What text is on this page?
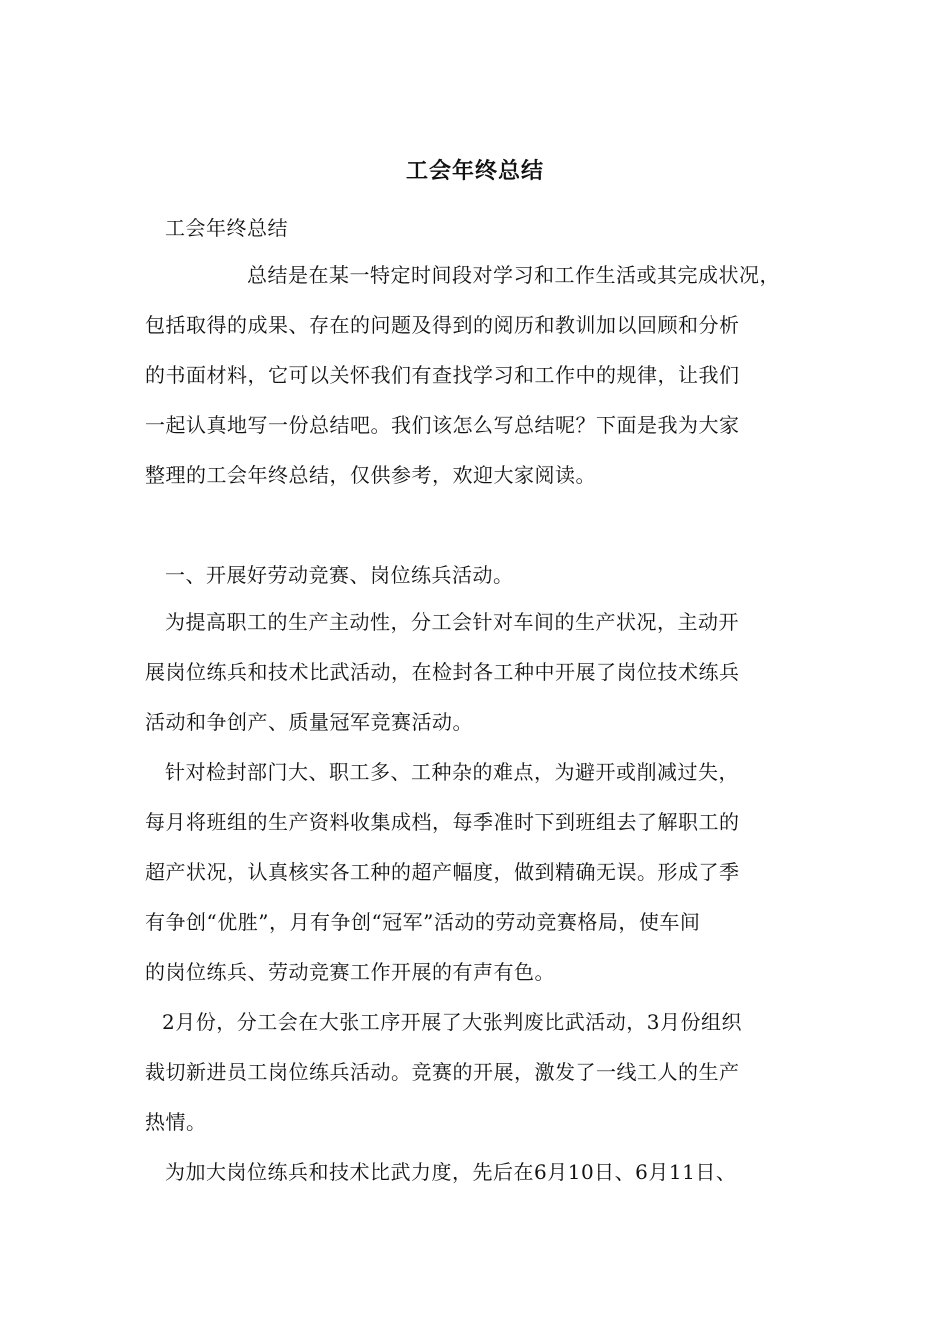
工会年终总结
工会年终总结
总结是在某一特定时间段对学习和工作生活或其完成状况，
包括取得的成果、存在的问题及得到的阅历和教训加以回顾和分析
的书面材料，它可以关怀我们有查找学习和工作中的规律，让我们
一起认真地写一份总结吧。我们该怎么写总结呢？下面是我为大家
整理的工会年终总结，仅供参考，欢迎大家阅读。
一、开展好劳动竞赛、岗位练兵活动。
为提高职工的生产主动性，分工会针对车间的生产状况，主动开
展岗位练兵和技术比武活动，在检封各工种中开展了岗位技术练兵
活动和争创产、质量冠军竞赛活动。
针对检封部门大、职工多、工种杂的难点，为避开或削减过失，
每月将班组的生产资料收集成档，每季准时下到班组去了解职工的
超产状况，认真核实各工种的超产幅度，做到精确无误。形成了季
有争创“优胜”，月有争创“冠军”活动的劳动竞赛格局，使车间
的岗位练兵、劳动竞赛工作开展的有声有色。
2月份，分工会在大张工序开展了大张判废比武活动，3月份组织
裁切新进员工岗位练兵活动。竞赛的开展，激发了一线工人的生产
热情。
为加大岗位练兵和技术比武力度，先后在6月10日、6月11日、
